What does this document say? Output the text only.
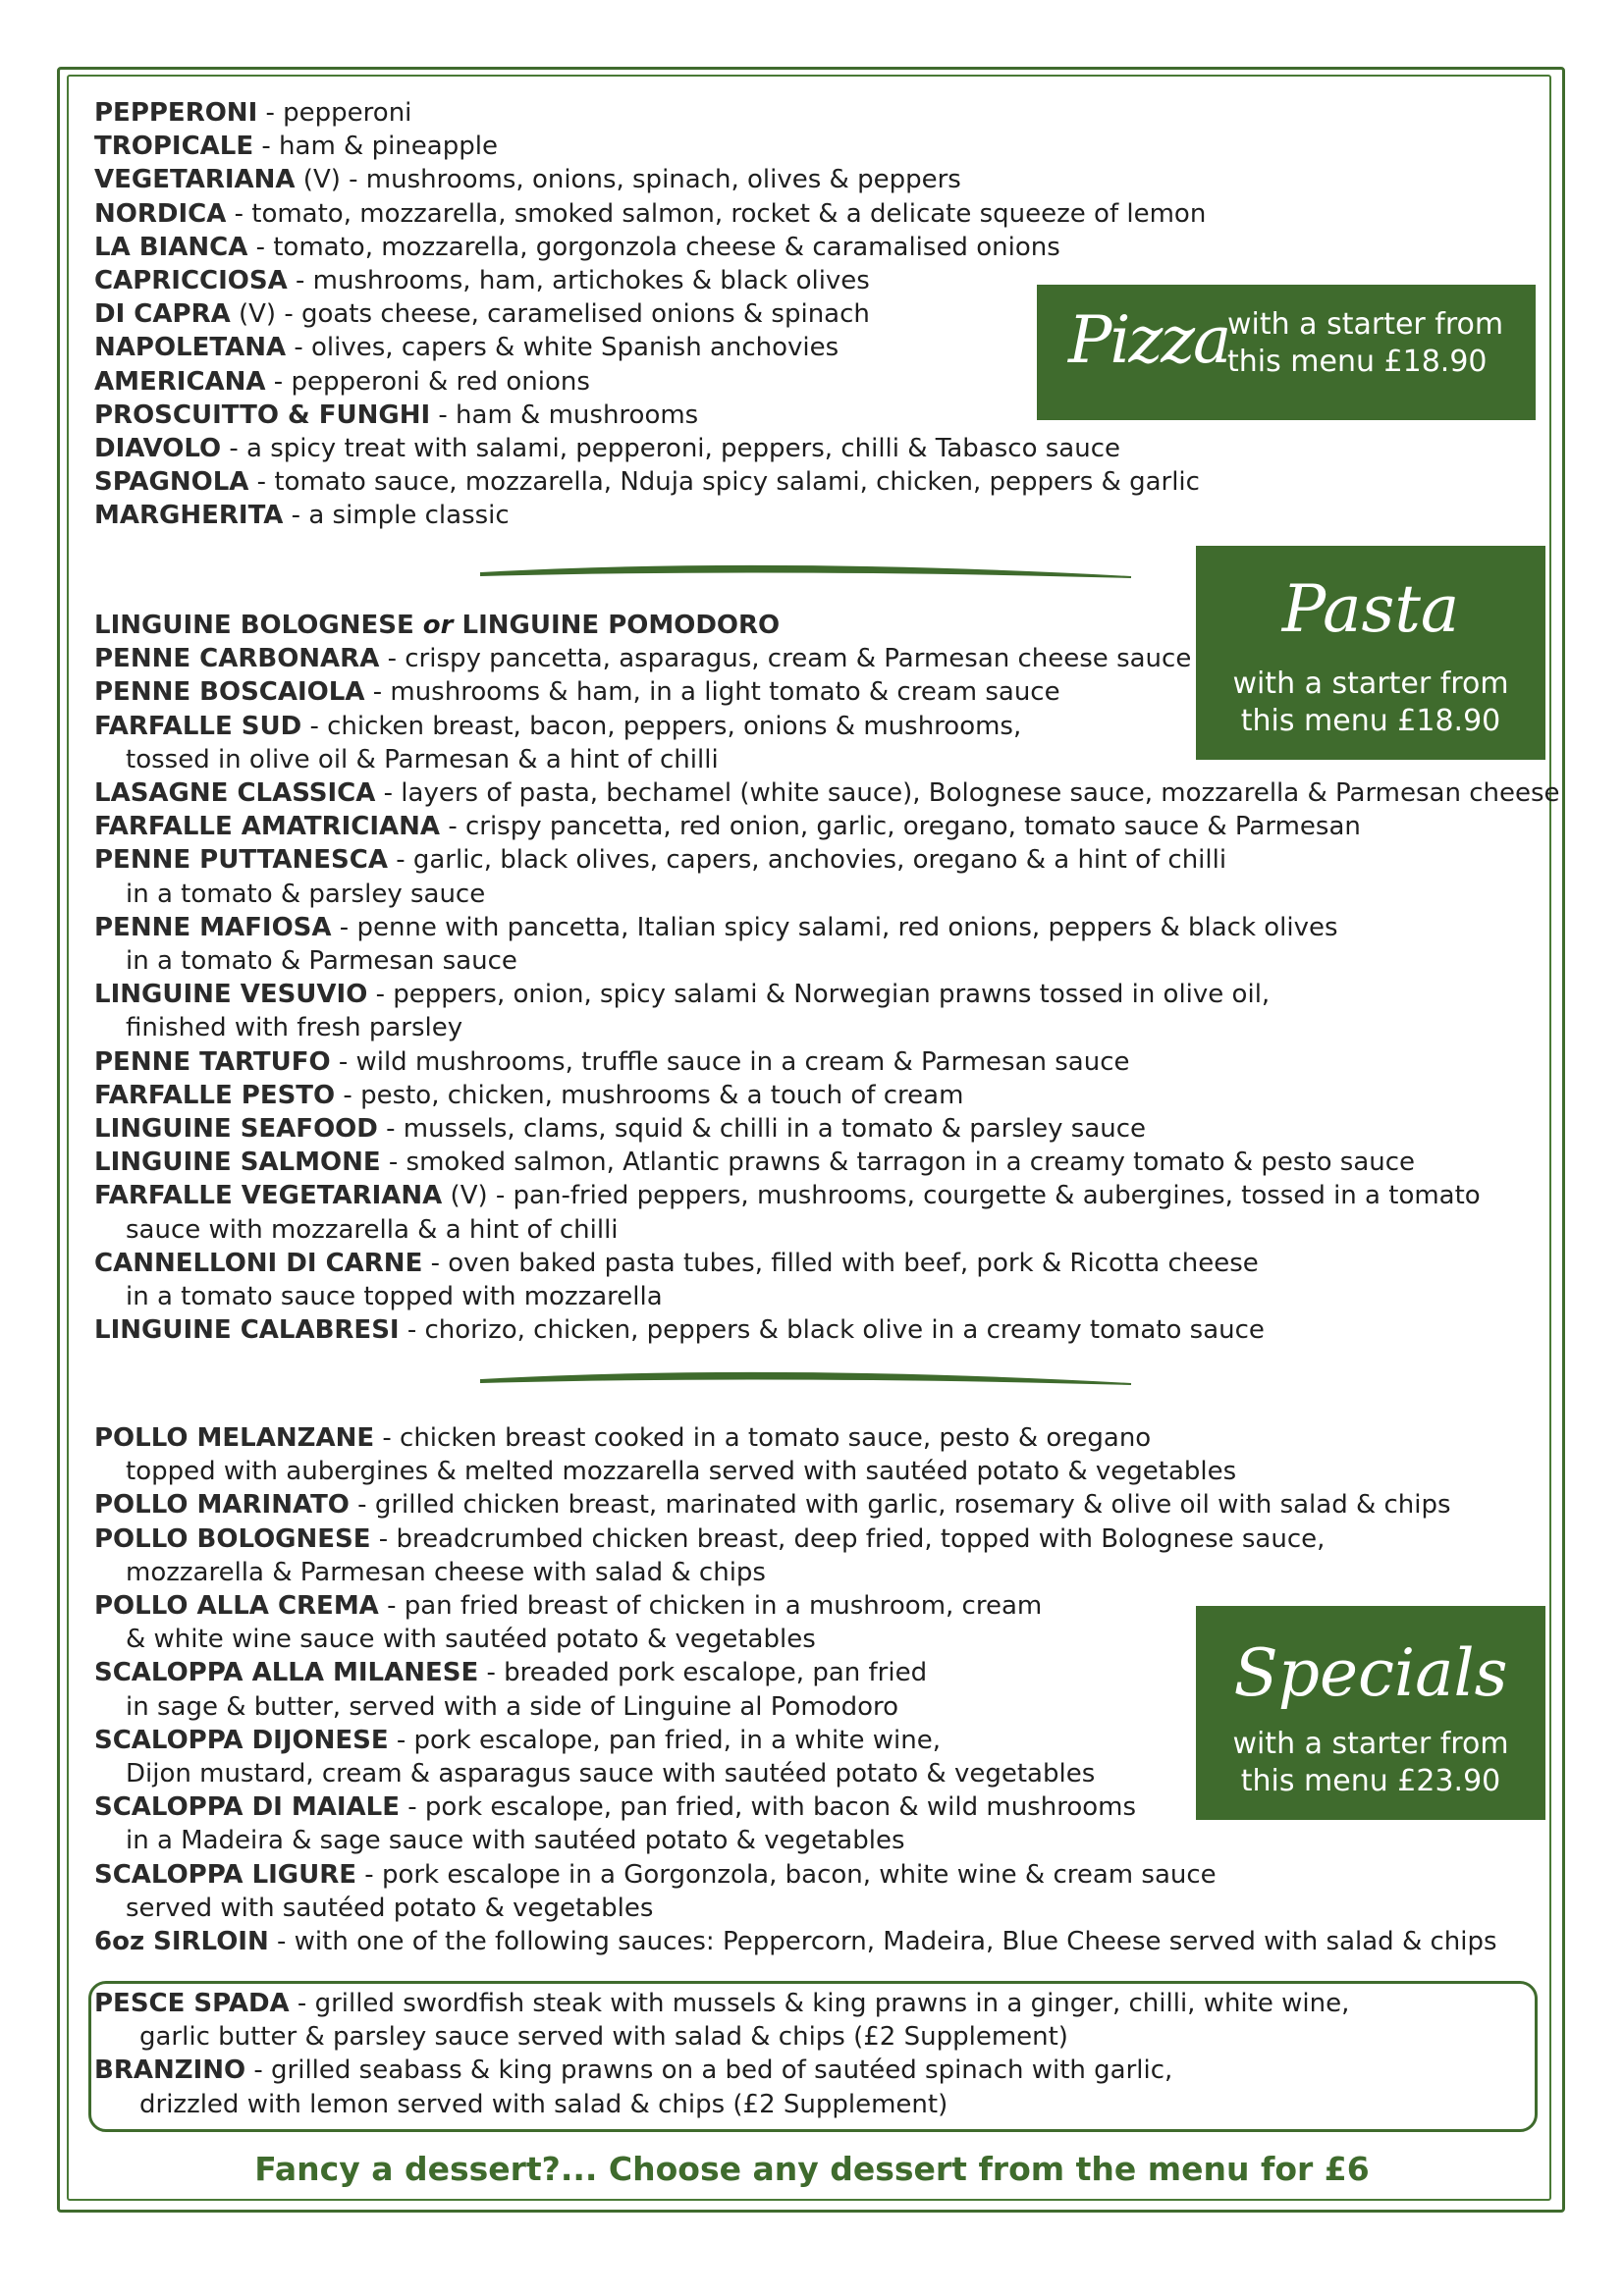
PEPPERONI - pepperoni
TROPICALE - ham & pineapple
VEGETARIANA (V) - mushrooms, onions, spinach, olives & peppers
NORDICA - tomato, mozzarella, smoked salmon, rocket & a delicate squeeze of lemon
LA BIANCA - tomato, mozzarella, gorgonzola cheese & caramalised onions
CAPRICCIOSA - mushrooms, ham, artichokes & black olives
DI CAPRA (V) - goats cheese, caramelised onions & spinach
NAPOLETANA - olives, capers & white Spanish anchovies
AMERICANA - pepperoni & red onions
PROSCUITTO & FUNGHI - ham & mushrooms
DIAVOLO - a spicy treat with salami, pepperoni, peppers, chilli & Tabasco sauce
SPAGNOLA - tomato sauce, mozzarella, Nduja spicy salami, chicken, peppers & garlic
MARGHERITA - a simple classic
Pizza
with a starter from
this menu £18.90
LINGUINE BOLOGNESE or LINGUINE POMODORO
PENNE CARBONARA - crispy pancetta, asparagus, cream & Parmesan cheese sauce
PENNE BOSCAIOLA - mushrooms & ham, in a light tomato & cream sauce
FARFALLE SUD - chicken breast, bacon, peppers, onions & mushrooms,
tossed in olive oil & Parmesan & a hint of chilli
LASAGNE CLASSICA - layers of pasta, bechamel (white sauce), Bolognese sauce, mozzarella & Parmesan cheese
FARFALLE AMATRICIANA - crispy pancetta, red onion, garlic, oregano, tomato sauce & Parmesan
PENNE PUTTANESCA - garlic, black olives, capers, anchovies, oregano & a hint of chilli
in a tomato & parsley sauce
PENNE MAFIOSA - penne with pancetta, Italian spicy salami, red onions, peppers & black olives
in a tomato & Parmesan sauce
LINGUINE VESUVIO - peppers, onion, spicy salami & Norwegian prawns tossed in olive oil,
finished with fresh parsley
PENNE TARTUFO - wild mushrooms, truffle sauce in a cream & Parmesan sauce
FARFALLE PESTO - pesto, chicken, mushrooms & a touch of cream
LINGUINE SEAFOOD - mussels, clams, squid & chilli in a tomato & parsley sauce
LINGUINE SALMONE - smoked salmon, Atlantic prawns & tarragon in a creamy tomato & pesto sauce
FARFALLE VEGETARIANA (V) - pan-fried peppers, mushrooms, courgette & aubergines, tossed in a tomato
sauce with mozzarella & a hint of chilli
CANNELLONI DI CARNE - oven baked pasta tubes, filled with beef, pork & Ricotta cheese
in a tomato sauce topped with mozzarella
LINGUINE CALABRESI - chorizo, chicken, peppers & black olive in a creamy tomato sauce
Pasta
with a starter from
this menu £18.90
POLLO MELANZANE - chicken breast cooked in a tomato sauce, pesto & oregano
topped with aubergines & melted mozzarella served with sautéed potato & vegetables
POLLO MARINATO - grilled chicken breast, marinated with garlic, rosemary & olive oil with salad & chips
POLLO BOLOGNESE - breadcrumbed chicken breast, deep fried, topped with Bolognese sauce,
mozzarella & Parmesan cheese with salad & chips
POLLO ALLA CREMA - pan fried breast of chicken in a mushroom, cream
& white wine sauce with sautéed potato & vegetables
SCALOPPA ALLA MILANESE - breaded pork escalope, pan fried
in sage & butter, served with a side of Linguine al Pomodoro
SCALOPPA DIJONESE - pork escalope, pan fried, in a white wine,
Dijon mustard, cream & asparagus sauce with sautéed potato & vegetables
SCALOPPA DI MAIALE - pork escalope, pan fried, with bacon & wild mushrooms
in a Madeira & sage sauce with sautéed potato & vegetables
SCALOPPA LIGURE - pork escalope in a Gorgonzola, bacon, white wine & cream sauce
served with sautéed potato & vegetables
6oz SIRLOIN - with one of the following sauces: Peppercorn, Madeira, Blue Cheese served with salad & chips
Specials
with a starter from
this menu £23.90
PESCE SPADA - grilled swordfish steak with mussels & king prawns in a ginger, chilli, white wine,
garlic butter & parsley sauce served with salad & chips (£2 Supplement)
BRANZINO - grilled seabass & king prawns on a bed of sautéed spinach with garlic,
drizzled with lemon served with salad & chips (£2 Supplement)
Fancy a dessert?... Choose any dessert from the menu for £6
